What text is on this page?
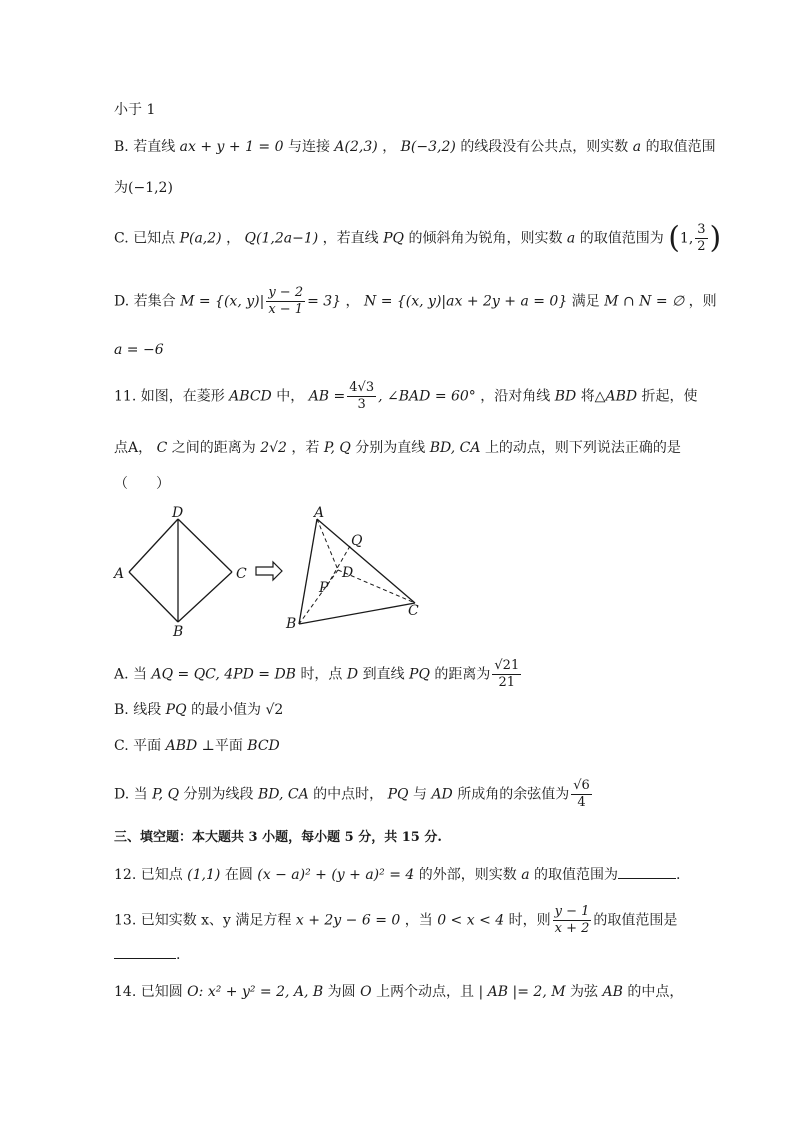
小于 1
B. 若直线 ax + y + 1 = 0 与连接 A(2,3) ， B(−3,2) 的线段没有公共点，则实数 a 的取值范围
为(−1,2)
C. 已知点 P(a,2) ， Q(1,2a−1) ，若直线 PQ 的倾斜角为锐角，则实数 a 的取值范围为 (1, $\frac{3}{2}$ )
D. 若集合 M = {(x, $y)| \frac{y - 2}{x - 1} = 3$} ， N = {(x, y)|ax + 2y + a = 0} 满足 M ∩ N = ∅ ，则
a = −6
11. 如图，在菱形 ABCD 中， AB = $\frac{4√3}{3}$ , ∠BAD = 60° ，沿对角线 BD 将△ABD 折起，使
点A， C 之间的距离为 2√2 ，若 P, Q 分别为直线 BD, CA 上的动点，则下列说法正确的是
（　　）
A
D
C
B
A
Q
D
P
C
B
A. 当 AQ = QC, 4PD = DB 时，点 D 到直线 PQ 的距离为 $\frac{√21}{21}$
B. 线段 PQ 的最小值为 √2
C. 平面 ABD ⊥平面 BCD
D. 当 P, Q 分别为线段 BD, CA 的中点时， PQ 与 AD 所成角的余弦值为 $\frac{√6}{4}$
三、填空题：本大题共 3 小题，每小题 5 分，共 15 分.
12. 已知点 (1,1) 在圆 (x − a)² + (y + a)² = 4 的外部，则实数 a 的取值范围为	.
13. 已知实数 x、y 满足方程 x + 2y − 6 = 0 ，当 0 < x < 4 时，则 $\frac{y - 1}{x + 2}$ 的取值范围是
.
14. 已知圆 O: x² + y² = 2, A, B 为圆 O 上两个动点，且 | AB |= 2, M 为弦 AB 的中点，
